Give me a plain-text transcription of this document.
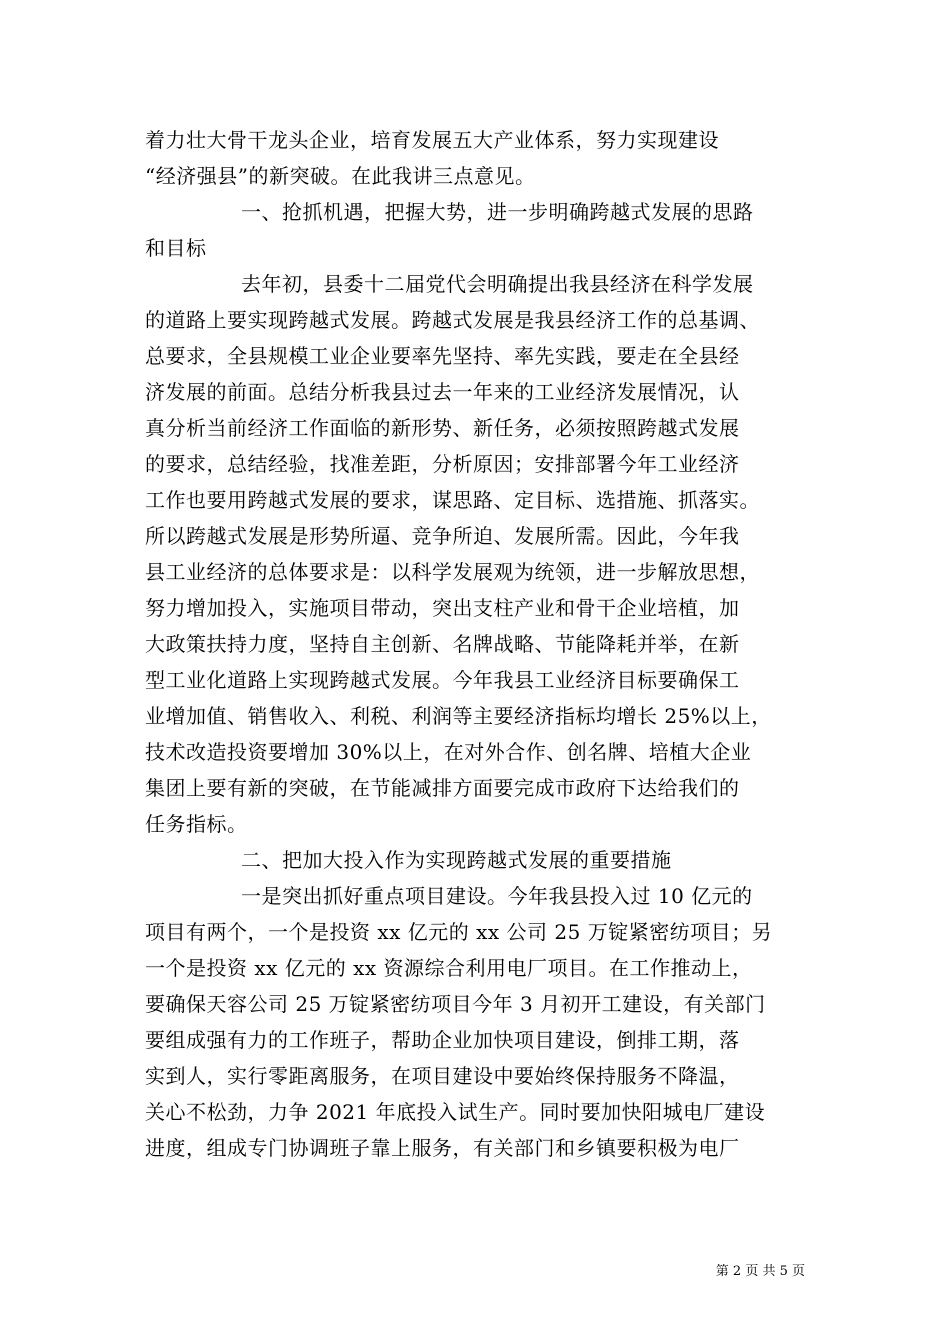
着力壮大骨干龙头企业，培育发展五大产业体系，努力实现建设
“经济强县”的新突破。在此我讲三点意见。
一、抢抓机遇，把握大势，进一步明确跨越式发展的思路
和目标
去年初，县委十二届党代会明确提出我县经济在科学发展
的道路上要实现跨越式发展。跨越式发展是我县经济工作的总基调、
总要求，全县规模工业企业要率先坚持、率先实践，要走在全县经
济发展的前面。总结分析我县过去一年来的工业经济发展情况，认
真分析当前经济工作面临的新形势、新任务，必须按照跨越式发展
的要求，总结经验，找准差距，分析原因；安排部署今年工业经济
工作也要用跨越式发展的要求，谋思路、定目标、选措施、抓落实。
所以跨越式发展是形势所逼、竞争所迫、发展所需。因此，今年我
县工业经济的总体要求是：以科学发展观为统领，进一步解放思想，
努力增加投入，实施项目带动，突出支柱产业和骨干企业培植，加
大政策扶持力度，坚持自主创新、名牌战略、节能降耗并举，在新
型工业化道路上实现跨越式发展。今年我县工业经济目标要确保工
业增加值、销售收入、利税、利润等主要经济指标均增长 25%以上，
技术改造投资要增加 30%以上，在对外合作、创名牌、培植大企业
集团上要有新的突破，在节能减排方面要完成市政府下达给我们的
任务指标。
二、把加大投入作为实现跨越式发展的重要措施
一是突出抓好重点项目建设。今年我县投入过 10 亿元的
项目有两个，一个是投资 xx 亿元的 xx 公司 25 万锭紧密纺项目；另
一个是投资 xx 亿元的 xx 资源综合利用电厂项目。在工作推动上，
要确保天容公司 25 万锭紧密纺项目今年 3 月初开工建设，有关部门
要组成强有力的工作班子，帮助企业加快项目建设，倒排工期，落
实到人，实行零距离服务，在项目建设中要始终保持服务不降温，
关心不松劲，力争 2021 年底投入试生产。同时要加快阳城电厂建设
进度，组成专门协调班子靠上服务，有关部门和乡镇要积极为电厂
第 2 页 共 5 页
